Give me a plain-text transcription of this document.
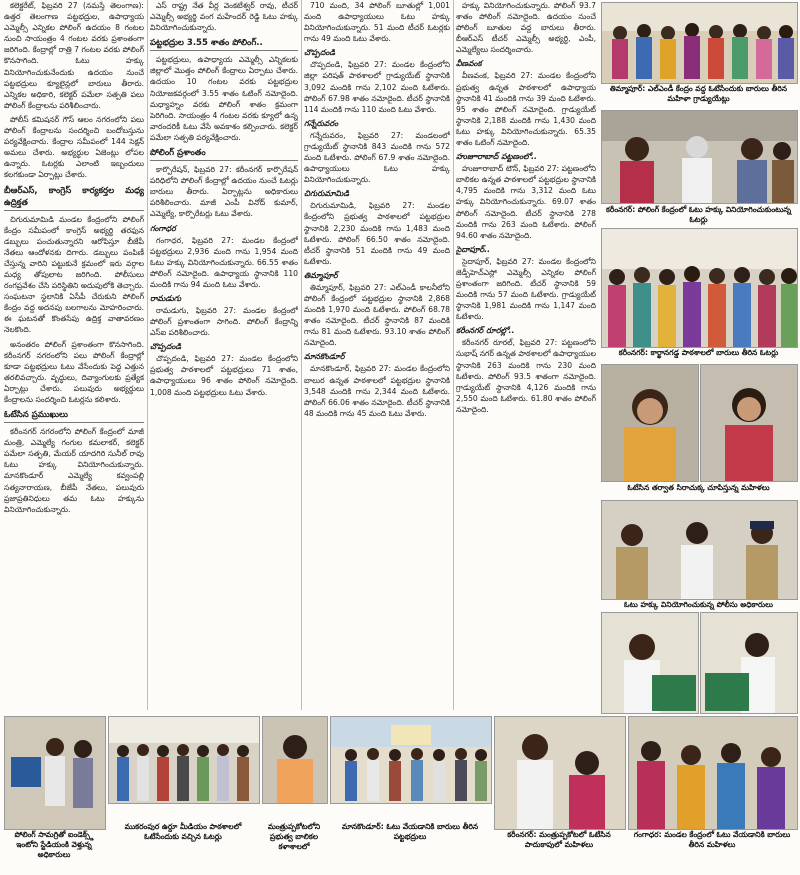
కలెక్టరేట్, ఫిబ్రవరి 27 (నమస్తే తెలంగాణ): ఉత్తర తెలంగాణ పట్టభద్రుల, ఉపాధ్యాయ ఎమ్మెల్సీ ఎన్నికల పోలింగ్ ఉదయం 8 గంటల నుంచి సాయంత్రం 4 గంటల వరకు ప్రశాంతంగా జరిగింది. కేంద్రాల్లో రాత్రి 7 గంటల వరకు పోలింగ్ కొనసాగింది. ఓటు హక్కు వినియోగించుకునేందుకు ఉదయం నుంచే పట్టభద్రులు క్యూలైన్లలో బారులు తీరారు. ఎన్నికల అధికారి, కలెక్టర్ పమేలా సత్పతి పలు పోలింగ్ కేంద్రాలను పరిశీలించారు.

పోలీస్ కమిషనర్ గౌస్ ఆలం నగరంలోని పలు పోలింగ్ కేంద్రాలను సందర్శించి బందోబస్తును పర్యవేక్షించారు. కేంద్రాల సమీపంలో 144 సెక్షన్ అమలు చేశారు. అభ్యర్థుల ఏజెంట్లు లోపల ఉన్నారు. ఓటర్లకు ఎలాంటి ఇబ్బందులు కలగకుండా ఏర్పాట్లు చేశారు.

బీఆర్ఎస్, కాంగ్రెస్ కార్యకర్తల మధ్య ఉద్రిక్తత

చిగురుమామిడి మండల కేంద్రంలోని పోలింగ్ కేంద్రం సమీపంలో కాంగ్రెస్ అభ్యర్థి తరఫున డబ్బులు పంచుతున్నారని ఆరోపిస్తూ బీజేపీ నేతలు ఆందోళనకు దిగారు. డబ్బులు పంపిణీ చేస్తున్న వారిని పట్టుకునే క్రమంలో ఇరు వర్గాల మధ్య తోపులాట జరిగింది. పోలీసులు రంగప్రవేశం చేసి పరిస్థితిని అదుపులోకి తెచ్చారు. సంఘటనా స్థలానికి ఏసీపీ చేరుకుని పోలింగ్ కేంద్రం వద్ద అదనపు బలగాలను మోహరించారు. ఈ ఘటనతో కొంతసేపు ఉద్రిక్త వాతావరణం నెలకొంది.

అనంతరం పోలింగ్ ప్రశాంతంగా కొనసాగింది. కరీంనగర్ నగరంలోని పలు పోలింగ్ కేంద్రాల్లో కూడా పట్టభద్రులు ఓటు వేసేందుకు పెద్ద ఎత్తున తరలివచ్చారు. వృద్ధులు, దివ్యాంగులకు ప్రత్యేక ఏర్పాట్లు చేశారు. పలువురు అభ్యర్థులు కేంద్రాలను సందర్శించి ఓటర్లను కలిశారు.

ఓటేసిన ప్రముఖులు

కరీంనగర్ నగరంలోని పోలింగ్ కేంద్రంలో మాజీ మంత్రి, ఎమ్మెల్యే గంగుల కమలాకర్, కలెక్టర్ పమేలా సత్పతి, మేయర్ యాదగిరి సునీల్ రావు ఓటు హక్కు వినియోగించుకున్నారు. మానకొండూర్ ఎమ్మెల్యే కవ్వంపల్లి సత్యనారాయణ, బీజేపీ నేతలు, పలువురు ప్రజాప్రతినిధులు తమ ఓటు హక్కును వినియోగించుకున్నారు.

ఎస్ రాష్ట్ర నేత వీర్ల వెంకటేశ్వర్ రావు, టీచర్ ఎమ్మెల్సీ అభ్యర్థి వంగ మహేందర్ రెడ్డి ఓటు హక్కు వినియోగించుకున్నారు.

పట్టభద్రుల 3.55 శాతం పోలింగ్..

పట్టభద్రులు, ఉపాధ్యాయ ఎమ్మెల్సీ ఎన్నికలకు జిల్లాలో మొత్తం పోలింగ్ కేంద్రాలు ఏర్పాటు చేశారు. ఉదయం 10 గంటల వరకు పట్టభద్రుల నియోజకవర్గంలో 3.55 శాతం ఓటింగ్ నమోదైంది. మధ్యాహ్నం వరకు పోలింగ్ శాతం క్రమంగా పెరిగింది. సాయంత్రం 4 గంటల వరకు క్యూలో ఉన్న వారందరికీ ఓటు వేసే అవకాశం కల్పించారు. కలెక్టర్ పమేలా సత్పతి పర్యవేక్షించారు.

పోలింగ్ ప్రశాంతం

కార్పొరేషన్, ఫిబ్రవరి 27: కరీంనగర్ కార్పొరేషన్ పరిధిలోని పోలింగ్ కేంద్రాల్లో ఉదయం నుంచే ఓటర్లు బారులు తీరారు. ఏర్పాట్లను అధికారులు పరిశీలించారు. మాజీ ఎంపీ వినోద్ కుమార్, ఎమ్మెల్యే, కార్పొరేటర్లు ఓటు వేశారు.

గంగాధర

గంగాధర, ఫిబ్రవరి 27: మండల కేంద్రంలో పట్టభద్రులు 2,936 మంది గాను 1,954 మంది ఓటు హక్కు వినియోగించుకున్నారు. 66.55 శాతం పోలింగ్ నమోదైంది. ఉపాధ్యాయ స్థానానికి 110 మందికి గాను 94 మంది ఓటు వేశారు.

రామడుగు

రామడుగు, ఫిబ్రవరి 27: మండల కేంద్రంలో పోలింగ్ ప్రశాంతంగా సాగింది. పోలింగ్ కేంద్రాన్ని ఎస్ఐ పరిశీలించారు.

చొప్పదండి

చొప్పదండి, ఫిబ్రవరి 27: మండల కేంద్రంలోని ప్రభుత్వ పాఠశాలలో పట్టభద్రులు 71 శాతం, ఉపాధ్యాయులు 96 శాతం పోలింగ్ నమోదైంది. 1,008 మంది పట్టభద్రులు ఓటు వేశారు.

710 మంది, 34 పోలింగ్ బూతుల్లో 1,001 మంది ఉపాధ్యాయులు ఓటు హక్కు వినియోగించుకున్నారు. 51 మంది టీచర్ ఓటర్లకు గాను 49 మంది ఓటు వేశారు.

చొప్పదండి

చొప్పదండి, ఫిబ్రవరి 27: మండల కేంద్రంలోని జిల్లా పరిషత్ పాఠశాలలో గ్రాడ్యుయేట్ స్థానానికి 3,092 మందికి గాను 2,102 మంది ఓటేశారు. పోలింగ్ 67.98 శాతం నమోదైంది. టీచర్ స్థానానికి 114 మందికి గాను 110 మంది ఓటు వేశారు.

గన్నేరువరం

గన్నేరువరం, ఫిబ్రవరి 27: మండలంలో గ్రాడ్యుయేట్ స్థానానికి 843 మందికి గాను 572 మంది ఓటేశారు. పోలింగ్ 67.9 శాతం నమోదైంది. ఉపాధ్యాయులు ఓటు హక్కు వినియోగించుకున్నారు.

చిగురుమామిడి

చిగురుమామిడి, ఫిబ్రవరి 27: మండల కేంద్రంలోని ప్రభుత్వ పాఠశాలలో పట్టభద్రుల స్థానానికి 2,230 మందికి గాను 1,483 మంది ఓటేశారు. పోలింగ్ 66.50 శాతం నమోదైంది. టీచర్ స్థానానికి 51 మందికి గాను 49 మంది ఓటేశారు.

తిమ్మాపూర్

తిమ్మాపూర్, ఫిబ్రవరి 27: ఎల్ఎండీ కాలనీలోని పోలింగ్ కేంద్రంలో పట్టభద్రుల స్థానానికి 2,868 మందికి 1,970 మంది ఓటేశారు. పోలింగ్ 68.78 శాతం నమోదైంది. టీచర్ స్థానానికి 87 మందికి గాను 81 మంది ఓటేశారు. 93.10 శాతం పోలింగ్ నమోదైంది.

మానకొండూర్

మానకొండూర్, ఫిబ్రవరి 27: మండల కేంద్రంలోని బాలుర ఉన్నత పాఠశాలలో పట్టభద్రుల స్థానానికి 3,548 మందికి గాను 2,344 మంది ఓటేశారు. పోలింగ్ 66.06 శాతం నమోదైంది. టీచర్ స్థానానికి 48 మందికి గాను 45 మంది ఓటు వేశారు.

హక్కు వినియోగించుకున్నారు. పోలింగ్ 93.7 శాతం పోలింగ్ నమోదైంది. ఉదయం నుంచే పోలింగ్ బూతుల వద్ద బారులు తీరారు. బీఆర్ఎస్ టీచర్ ఎమ్మెల్సీ అభ్యర్థి, ఎంపీ, ఎమ్మెల్యేలు సందర్శించారు.

వీణవంక

వీణవంక, ఫిబ్రవరి 27: మండల కేంద్రంలోని ప్రభుత్వ ఉన్నత పాఠశాలలో ఉపాధ్యాయ స్థానానికి 41 మందికి గాను 39 మంది ఓటేశారు. 95 శాతం పోలింగ్ నమోదైంది. గ్రాడ్యుయేట్ స్థానానికి 2,188 మందికి గాను 1,430 మంది ఓటు హక్కు వినియోగించుకున్నారు. 65.35 శాతం ఓటింగ్ నమోదైంది.

హుజూరాబాద్ పట్టణంలో..

హుజూరాబాద్ టౌన్, ఫిబ్రవరి 27: పట్టణంలోని బాలికల ఉన్నత పాఠశాలలో పట్టభద్రుల స్థానానికి 4,795 మందికి గాను 3,312 మంది ఓటు హక్కు వినియోగించుకున్నారు. 69.07 శాతం పోలింగ్ నమోదైంది. టీచర్ స్థానానికి 278 మందికి గాను 263 మంది ఓటేశారు. పోలింగ్ 94.60 శాతం నమోదైంది.

సైదాపూర్..

సైదాపూర్, ఫిబ్రవరి 27: మండల కేంద్రంలోని జెడ్పీహెచ్ఎస్లో ఎమ్మెల్సీ ఎన్నికల పోలింగ్ ప్రశాంతంగా జరిగింది. టీచర్ స్థానానికి 59 మందికి గాను 57 మంది ఓటేశారు. గ్రాడ్యుయేట్ స్థానానికి 1,981 మందికి గాను 1,147 మంది ఓటేశారు.

కరీంనగర్ రూరల్లో..

కరీంనగర్ రూరల్, ఫిబ్రవరి 27: పట్టణంలోని సుభాష్ నగర్ ఉన్నత పాఠశాలలో ఉపాధ్యాయుల స్థానానికి 263 మందికి గాను 230 మంది ఓటేశారు. పోలింగ్ 93.5 శాతంగా నమోదైంది. గ్రాడ్యుయేట్ స్థానానికి 4,126 మందికి గాను 2,550 మంది ఓటేశారు. 61.80 శాతం పోలింగ్ నమోదైంది.

తిమ్మాపూర్: ఎల్ఎండీ కేంద్రం వద్ద ఓటేసేందుకు బారులు తీరిన మహిళా గ్రాడ్యుయేట్లు
కరీంనగర్: పోలింగ్ కేంద్రంలో ఓటు హక్కు వినియోగించుకుంటున్న ఓటర్లు
కరీంనగర్: కార్ఖానగడ్డ పాఠశాలలో బారులు తీరిన ఓటర్లు
ఓటేసిన తర్వాత సిరాచుక్క చూపిస్తున్న మహిళలు
ఓటు హక్కు వినియోగించుకున్న పోలీసు అధికారులు
పోలింగ్ సామగ్రితో ఐండెక్స్డ్ ఇంటోని స్టేడియంకి వెళ్తున్న అధికారులు
ముకరంపుర ఉర్దూ మీడియం పాఠశాలలో ఓటేసేందుకు వచ్చిన ఓటర్లు
మంత్రుప్పకోటలోని ప్రభుత్వ బాలికల కళాశాలలో
మానకొండూర్: ఓటు వేయడానికి బారులు తీరిన పట్టభద్రులు	కరీంనగర్: మంత్రుప్పకోటలో ఓటేసిన పాదుకాపులో మహిళలు
గంగాధర: మండల కేంద్రంలో ఓటు వేయడానికి బారులు తీరిన మహిళలు
